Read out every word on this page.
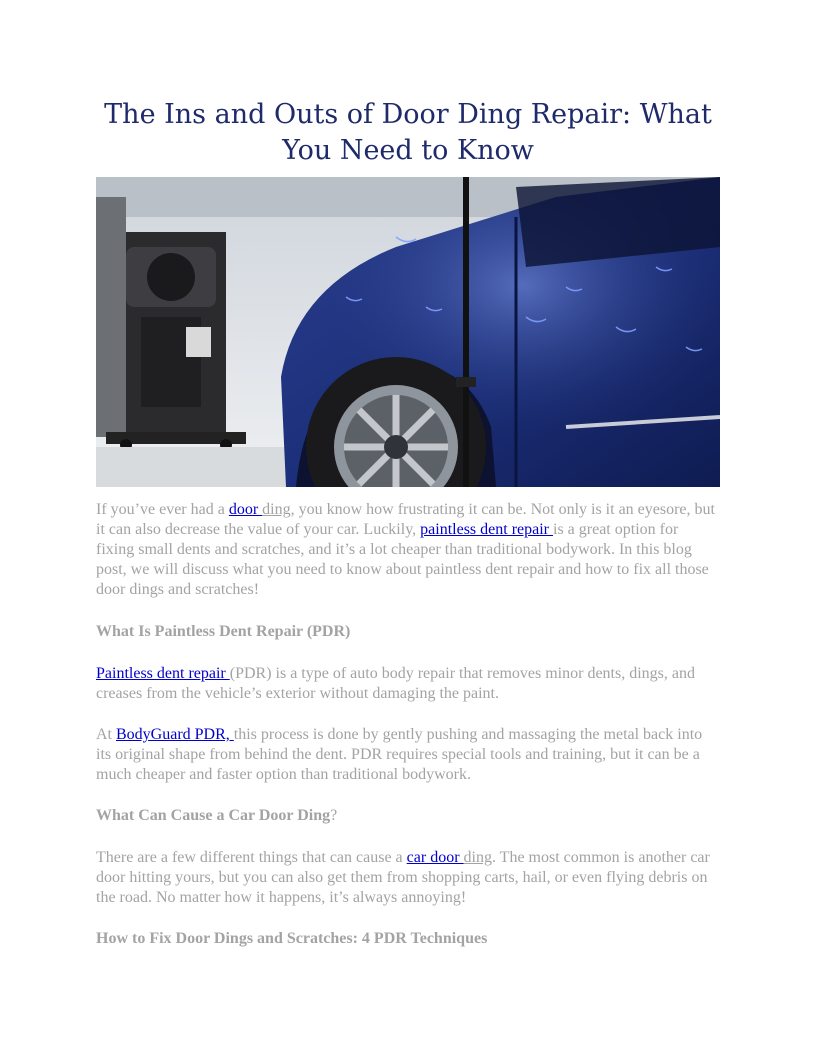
The Ins and Outs of Door Ding Repair: What You Need to Know

If you’ve ever had a door ding, you know how frustrating it can be. Not only is it an eyesore, but it can also decrease the value of your car. Luckily, paintless dent repair is a great option for fixing small dents and scratches, and it’s a lot cheaper than traditional bodywork. In this blog post, we will discuss what you need to know about paintless dent repair and how to fix all those door dings and scratches!

What Is Paintless Dent Repair (PDR)

Paintless dent repair (PDR) is a type of auto body repair that removes minor dents, dings, and creases from the vehicle’s exterior without damaging the paint.

At BodyGuard PDR, this process is done by gently pushing and massaging the metal back into its original shape from behind the dent. PDR requires special tools and training, but it can be a much cheaper and faster option than traditional bodywork.

What Can Cause a Car Door Ding?

There are a few different things that can cause a car door ding. The most common is another car door hitting yours, but you can also get them from shopping carts, hail, or even flying debris on the road. No matter how it happens, it’s always annoying!

How to Fix Door Dings and Scratches: 4 PDR Techniques
